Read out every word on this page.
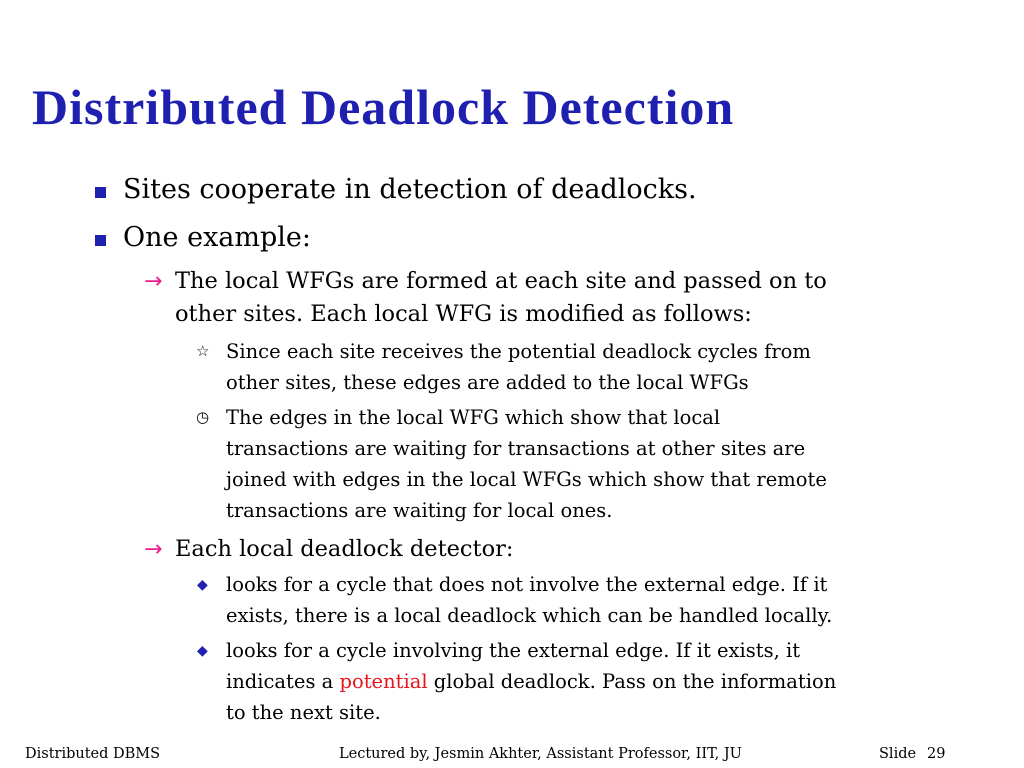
Distributed Deadlock Detection
Sites cooperate in detection of deadlocks.
One example:
→ The local WFGs are formed at each site and passed on to
other sites. Each local WFG is modified as follows:
☆ Since each site receives the potential deadlock cycles from
other sites, these edges are added to the local WFGs
◷ The edges in the local WFG which show that local
transactions are waiting for transactions at other sites are
joined with edges in the local WFGs which show that remote
transactions are waiting for local ones.
→ Each local deadlock detector:
◆ looks for a cycle that does not involve the external edge. If it
exists, there is a local deadlock which can be handled locally.
◆ looks for a cycle involving the external edge. If it exists, it
indicates a potential global deadlock. Pass on the information
to the next site.
Distributed DBMS	Lectured by, Jesmin Akhter, Assistant Professor, IIT, JU	Slide 29
